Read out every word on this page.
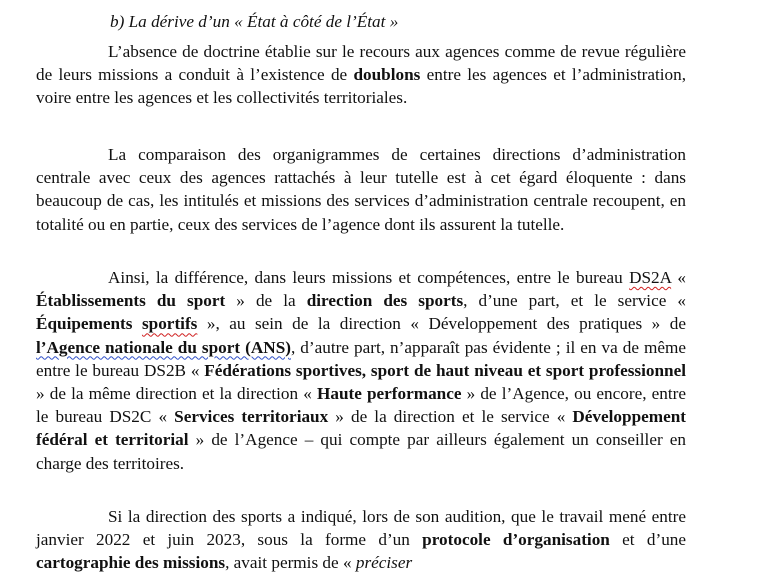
b) La dérive d’un « État à côté de l’État »

L’absence de doctrine établie sur le recours aux agences comme de revue régulière de leurs missions a conduit à l’existence de doublons entre les agences et l’administration, voire entre les agences et les collectivités territoriales.

La comparaison des organigrammes de certaines directions d’administration centrale avec ceux des agences rattachés à leur tutelle est à cet égard éloquente : dans beaucoup de cas, les intitulés et missions des services d’administration centrale recoupent, en totalité ou en partie, ceux des services de l’agence dont ils assurent la tutelle.

Ainsi, la différence, dans leurs missions et compétences, entre le bureau DS2A « Établissements du sport » de la direction des sports, d’une part, et le service « Équipements sportifs », au sein de la direction « Développement des pratiques » de l’Agence nationale du sport (ANS), d’autre part, n’apparaît pas évidente ; il en va de même entre le bureau DS2B « Fédérations sportives, sport de haut niveau et sport professionnel » de la même direction et la direction « Haute performance » de l’Agence, ou encore, entre le bureau DS2C « Services territoriaux » de la direction et le service « Développement fédéral et territorial » de l’Agence – qui compte par ailleurs également un conseiller en charge des territoires.

Si la direction des sports a indiqué, lors de son audition, que le travail mené entre janvier 2022 et juin 2023, sous la forme d’un protocole d’organisation et d’une cartographie des missions, avait permis de « préciser
